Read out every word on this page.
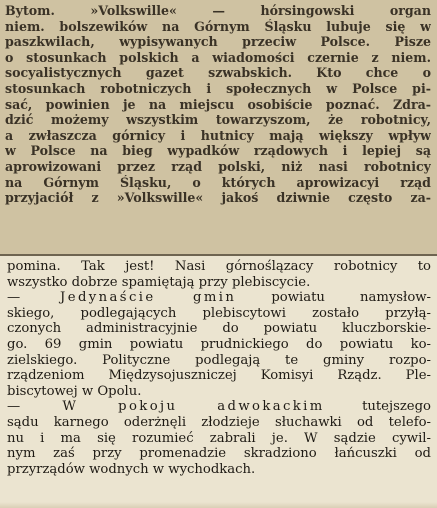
Bytom. »Volkswille« — hórsingowski organ
niem. bolszewików na Górnym Śląsku lubuje się w
paszkwilach, wypisywanych przeciw Polsce. Pisze
o stosunkach polskich a wiadomości czernie z niem.
socyalistycznych gazet szwabskich. Kto chce o
stosunkach robotniczych i społecznych w Polsce pi-
sać, powinien je na miejscu osobiście poznać. Zdra-
dzić możemy wszystkim towarzyszom, że robotnicy,
a zwłaszcza górnicy i hutnicy mają większy wpływ
w Polsce na bieg wypadków rządowych i lepiej są
aprowizowani przez rząd polski, niż nasi robotnicy
na Górnym Śląsku, o których aprowizacyi rząd
przyjaciół z »Volkswille« jakoś dziwnie często za-
pomina. Tak jest! Nasi górnoślązacy robotnicy to
wszystko dobrze spamiętają przy plebiscycie.
— Jedynaście gmin powiatu namysłow-
skiego, podlegających plebiscytowi zostało przyłą-
czonych administracyjnie do powiatu kluczborskie-
go. 69 gmin powiatu prudnickiego do powiatu ko-
zielskiego. Polityczne podlegają te gminy rozpo-
rządzeniom Międzysojuszniczej Komisyi Rządz. Ple-
biscytowej w Opolu.
— W pokoju adwokackim tutejszego
sądu karnego oderżnęli złodzieje słuchawki od telefo-
nu i ma się rozumieć zabrali je. W sądzie cywil-
nym zaś przy promenadzie skradziono łańcuszki od
przyrządów wodnych w wychodkach.
